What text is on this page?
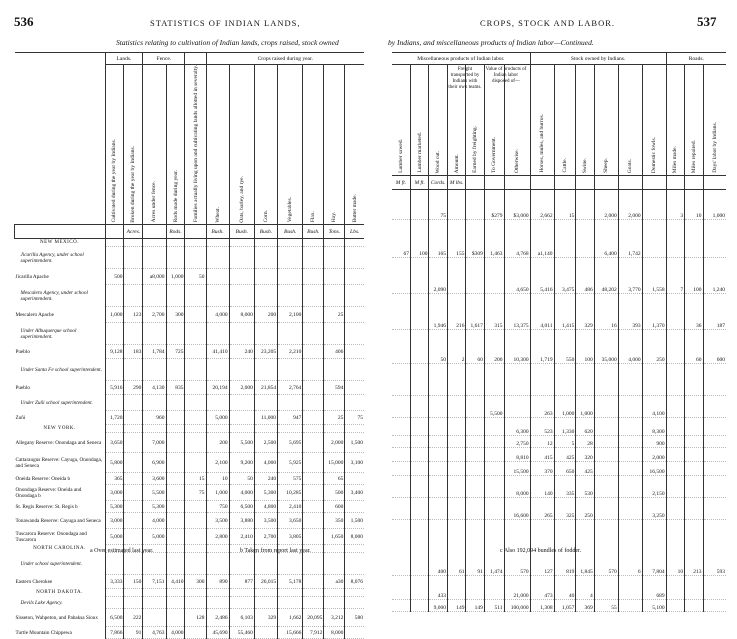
536	STATISTICS OF INDIAN LANDS,
Statistics relating to cultivation of Indian lands, crops raised, stock owned
	Lands.		Fence.			Crops raised during year.						
	Cultivated during the year by Indians.	Broken during the year by Indians.	Acres under fence.	Rods made during year.	Families actually living upon and cultivating lands allotted in severalty.	Wheat.	Oats, barley, and rye.	Corn.	Vegetables.	Flax.	Hay.	Butter made.
		Acres.		Rods.		Bush.	Bush.	Bush.	Bush.	Bush.	Tons.	Lbs.
NEW MEXICO.												
Jicarilla Agency, under school superintendent.												
Jicarilla Apache	500		a8,000	1,000	50							
Mescalero Agency, under school superintendent.												
Mescalero Apache	1,000	123	2,700	300		4,000	8,000	200	2,100		25	
Under Albuquerque school superintendent.												
Pueblo	9,128	183	1,784	725		41,410	240	23,205	2,210		406	
Under Santa Fe school superintendent.												
Pueblo	5,916	290	4,130	835		20,194	2,000	21,854	2,764		594	
Under Zuñi school superintendent.												
Zuñi	1,720		960			5,000		11,000	947		25	75
NEW YORK.												
Allegany Reserve: Onondaga and Seneca	3,650		7,000			200	5,500	2,500	5,695		2,000	1,500
Cattaraugus Reserve: Cayuga, Onondaga, and Seneca	5,800		6,900			2,100	9,200	4,000	5,925		15,000	3,100
Oneida Reserve: Oneida b	365		3,600		15	10	50	240	575		65	
Onondaga Reserve: Oneida and Onondaga b	3,000		5,500		75	1,000	4,000	5,300	10,285		500	3,400
St. Regis Reserve: St. Regis b	5,300		5,300			750	6,500	4,800	2,410		600	
Tonawanda Reserve: Cayuga and Seneca	3,000		4,000			3,500	3,880	3,500	3,650		350	1,500
Tuscarora Reserve: Onondaga and Tuscarora	5,000		5,000			2,800	2,410	2,700	3,805		1,650	8,000
NORTH CAROLINA.												
Under school superintendent.												
Eastern Cherokee	3,333	150	7,151	4,410	300	890	877	26,015	5,178		a30	8,076
NORTH DAKOTA.												
Devils Lake Agency.												
Sisseton, Wahpeton, and Pabaksa Sioux	6,500	222			128	2,486	6,103	329	1,662	20,095	3,212	580
Turtle Mountain Chippewa	7,866	91	4,763	4,000		45,690	55,460		15,666	7,912	8,000	
a Over estimated last year.	b Taken from report last year.
CROPS, STOCK AND LABOR.	537
by Indians, and miscellaneous products of Indian labor—Continued.
Miscellaneous products of Indian labor.							Stock owned by Indians.						Roads.		
Lumber sawed.	Lumber marketed.	Wood cut.	Freight transported by Indians with their own teams.
Amount.	Earned by freighting.	Value of products of Indian labor disposed of—
To Government.	Otherwise.	Horses, mules, and burros.	Cattle.	Swine.	Sheep.	Goats.	Domestic fowls.	Miles made.	Miles repaired.	Days' labor by Indians.
M ft.	M ft.	Cords.	M lbs.												
		75			$279	$3,000	2,662	15		2,000	2,000		3	10	1,000
67	100	165	155	$309	1,463	4,768	a1,140			6,400	1,742				
		2,090				4,650	5,416	3,475	486	48,202	3,770	1,558	7	100	1,240
		1,946	216	1,617	315	13,375	4,011	1,415	329	16	393	1,370		36	187
		50	2	60	200	10,300	1,719	550	100	35,000	4,000	250		60	600

					5,500		263	1,000	1,000			4,100			
						6,300	523	1,330	620			8,300			
						2,750	12	5	28			900			
						8,810	415	425	320			2,000			
						15,500	370	650	425			16,500			
						8,000	140	335	530			2,150			
						16,600	265	325	250			3,250			
		400	61	91	1,474	570	127	819	1,845	570	6	7,804	10	213	593
		433				21,000	473	40	4			689			
		9,000	149	149	511	100,000	1,308	1,057	369	55		5,100			
c Also 192,094 bundles of fodder.
